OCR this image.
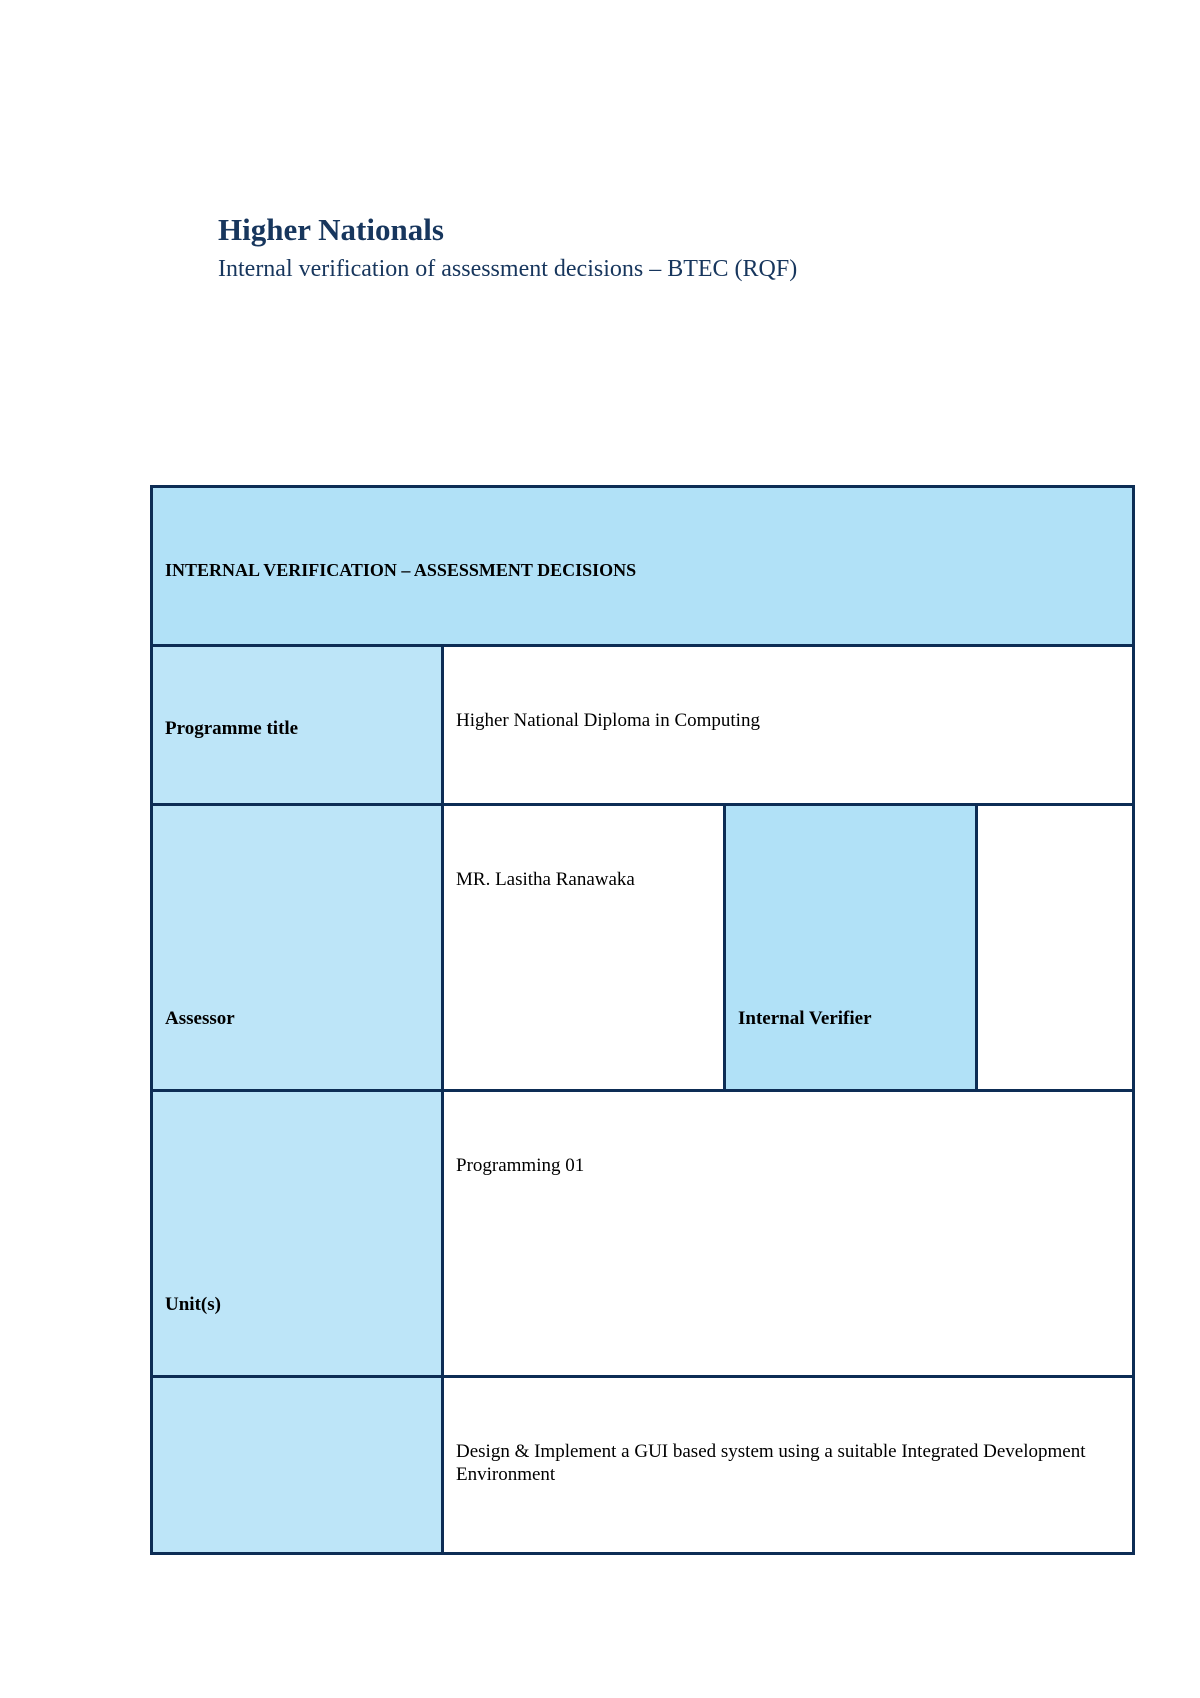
Higher Nationals
Internal verification of assessment decisions – BTEC (RQF)
INTERNAL VERIFICATION – ASSESSMENT DECISIONS
Programme title	Higher National Diploma in Computing
Assessor
MR. Lasitha Ranawaka
Internal Verifier
Unit(s)
Programming 01
Design & Implement a GUI based system using a suitable Integrated Development Environment
